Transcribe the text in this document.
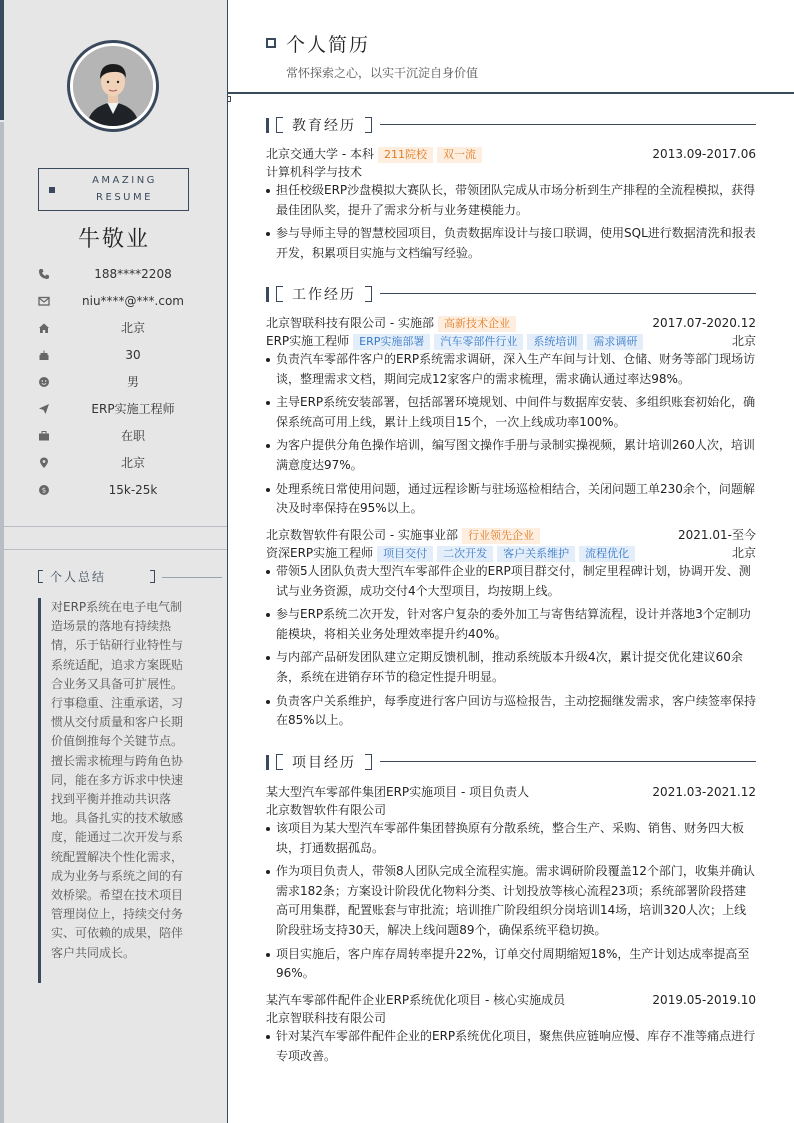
AMAZING
RESUME
牛敬业
188****2208
niu****@***.com
北京
30
男
ERP实施工程师
在职
北京
$	15k-25k
个人总结
对ERP系统在电子电气制造场景的落地有持续热情，乐于钻研行业特性与系统适配，追求方案既贴合业务又具备可扩展性。行事稳重、注重承诺，习惯从交付质量和客户长期价值倒推每个关键节点。擅长需求梳理与跨角色协同，能在多方诉求中快速找到平衡并推动共识落地。具备扎实的技术敏感度，能通过二次开发与系统配置解决个性化需求，成为业务与系统之间的有效桥梁。希望在技术项目管理岗位上，持续交付务实、可依赖的成果，陪伴客户共同成长。
个人简历
常怀探索之心，以实干沉淀自身价值
教育经历
北京交通大学 - 本科 211院校 双一流	2013.09-2017.06
计算机科学与技术
担任校级ERP沙盘模拟大赛队长，带领团队完成从市场分析到生产排程的全流程模拟，获得最佳团队奖，提升了需求分析与业务建模能力。
参与导师主导的智慧校园项目，负责数据库设计与接口联调，使用SQL进行数据清洗和报表开发，积累项目实施与文档编写经验。
工作经历
北京智联科技有限公司 - 实施部 高新技术企业	2017.07-2020.12
ERP实施工程师 ERP实施部署 汽车零部件行业 系统培训 需求调研	北京
负责汽车零部件客户的ERP系统需求调研，深入生产车间与计划、仓储、财务等部门现场访谈，整理需求文档，期间完成12家客户的需求梳理，需求确认通过率达98%。
主导ERP系统安装部署，包括部署环境规划、中间件与数据库安装、多组织账套初始化，确保系统高可用上线，累计上线项目15个，一次上线成功率100%。
为客户提供分角色操作培训，编写图文操作手册与录制实操视频，累计培训260人次，培训满意度达97%。
处理系统日常使用问题，通过远程诊断与驻场巡检相结合，关闭问题工单230余个，问题解决及时率保持在95%以上。
北京数智软件有限公司 - 实施事业部 行业领先企业	2021.01-至今
资深ERP实施工程师 项目交付 二次开发 客户关系维护 流程优化	北京
带领5人团队负责大型汽车零部件企业的ERP项目群交付，制定里程碑计划，协调开发、测试与业务资源，成功交付4个大型项目，均按期上线。
参与ERP系统二次开发，针对客户复杂的委外加工与寄售结算流程，设计并落地3个定制功能模块，将相关业务处理效率提升约40%。
与内部产品研发团队建立定期反馈机制，推动系统版本升级4次，累计提交优化建议60余条，系统在进销存环节的稳定性提升明显。
负责客户关系维护，每季度进行客户回访与巡检报告，主动挖掘继发需求，客户续签率保持在85%以上。
项目经历
某大型汽车零部件集团ERP实施项目 - 项目负责人	2021.03-2021.12
北京数智软件有限公司
该项目为某大型汽车零部件集团替换原有分散系统，整合生产、采购、销售、财务四大板块，打通数据孤岛。
作为项目负责人，带领8人团队完成全流程实施。需求调研阶段覆盖12个部门，收集并确认需求182条；方案设计阶段优化物料分类、计划投放等核心流程23项；系统部署阶段搭建高可用集群，配置账套与审批流；培训推广阶段组织分岗培训14场，培训320人次；上线阶段驻场支持30天，解决上线问题89个，确保系统平稳切换。
项目实施后，客户库存周转率提升22%，订单交付周期缩短18%，生产计划达成率提高至96%。
某汽车零部件配件企业ERP系统优化项目 - 核心实施成员	2019.05-2019.10
北京智联科技有限公司
针对某汽车零部件配件企业的ERP系统优化项目，聚焦供应链响应慢、库存不准等痛点进行专项改善。
